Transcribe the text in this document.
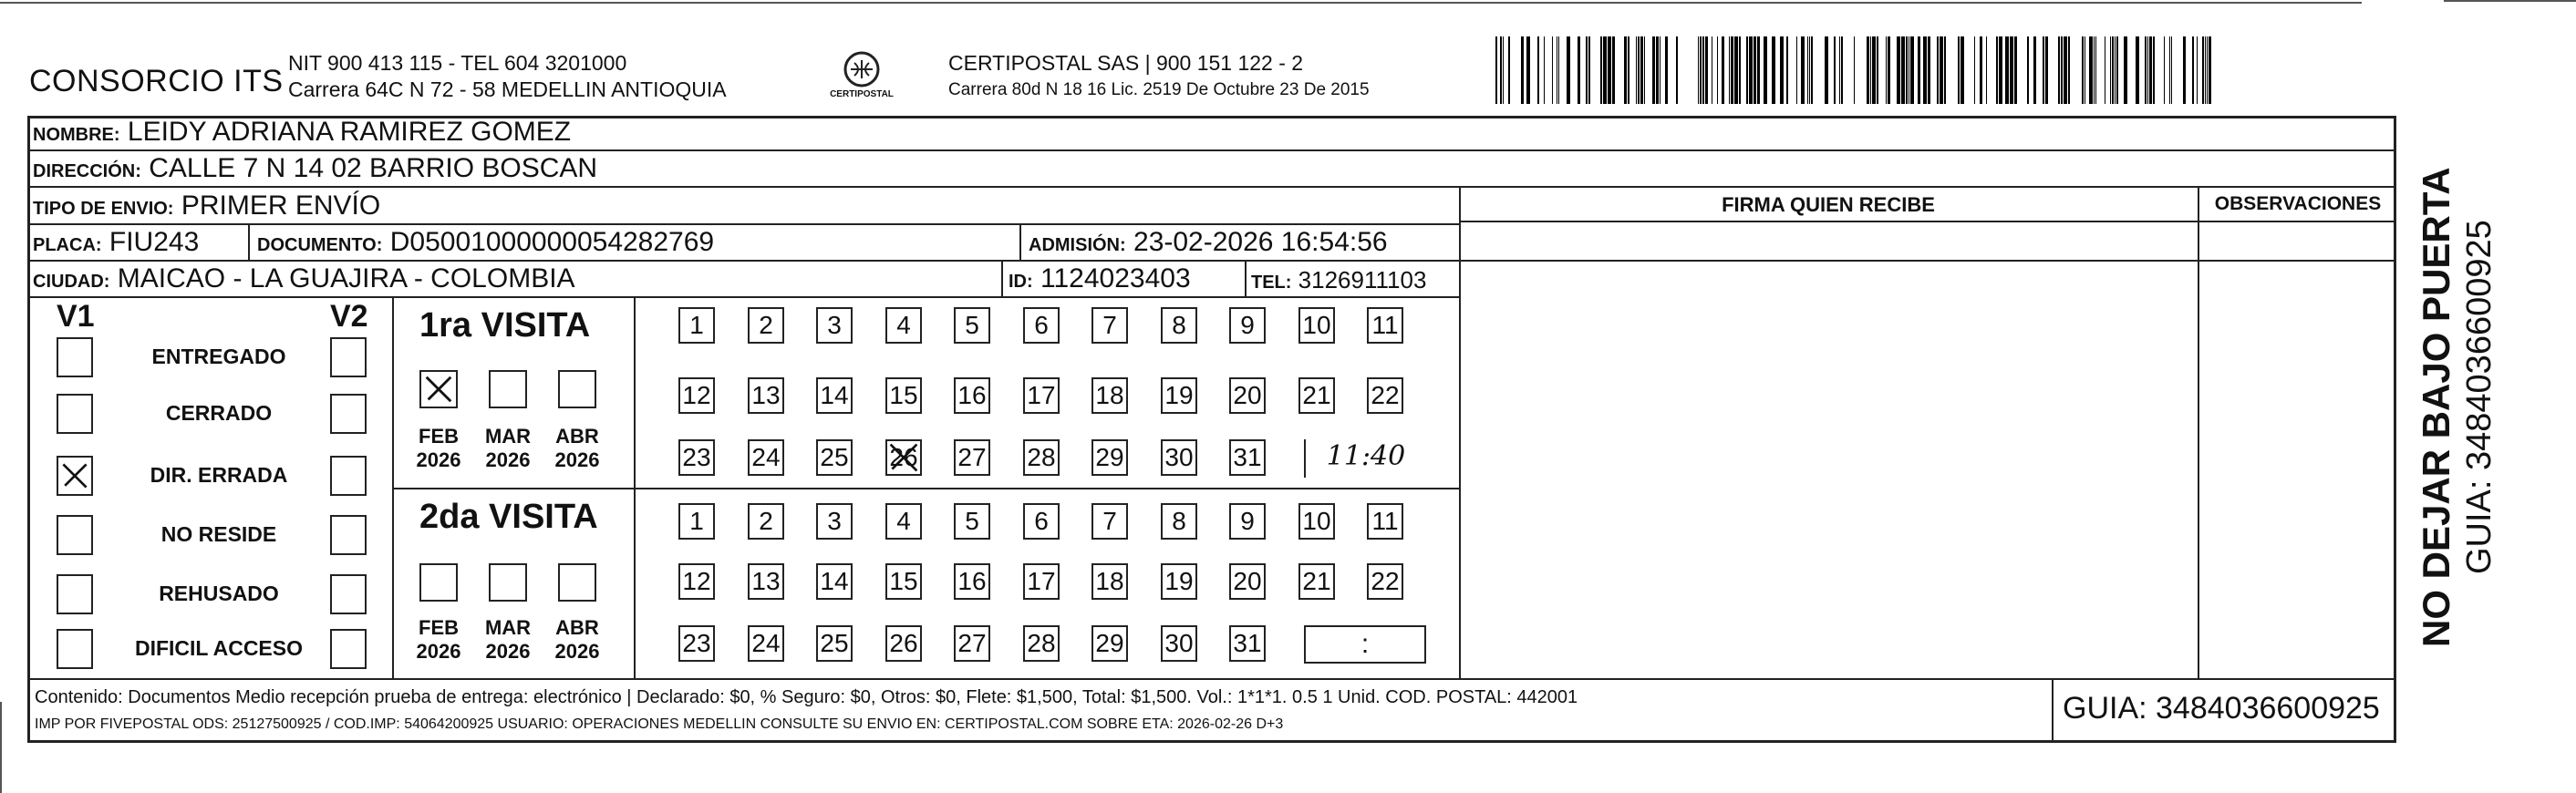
CONSORCIO ITS
NIT 900 413 115 - TEL 604 3201000
Carrera 64C N 72 - 58 MEDELLIN ANTIOQUIA	CERTIPOSTAL
CERTIPOSTAL SAS | 900 151 122 - 2
Carrera 80d N 18 16 Lic. 2519 De Octubre 23 De 2015
NOMBRE: LEIDY ADRIANA RAMIREZ GOMEZ
DIRECCIÓN: CALLE 7 N 14 02 BARRIO BOSCAN
TIPO DE ENVIO: PRIMER ENVÍO	FIRMA QUIEN RECIBE	OBSERVACIONES
PLACA: FIU243	DOCUMENTO: D05001000000054282769	ADMISIÓN: 23-02-2026 16:54:56
CIUDAD: MAICAO - LA GUAJIRA - COLOMBIA	ID: 1124023403	TEL: 3126911103
V1	V2
ENTREGADO
CERRADO
DIR. ERRADA
NO RESIDE
REHUSADO
DIFICIL ACCESO
1ra VISITA
FEB
2026
MAR
2026
ABR
2026
1	2	3	4	5	6	7	8	9	10 11
12 13 14 15 16 17 18 19 20 21 22
23 24 25 26 27 28 29 30 31	11:40
2da VISITA
FEB
2026
MAR
2026
ABR
2026
1	2	3	4	5	6	7	8	9	10 11
12 13 14 15 16 17 18 19 20 21 22
23 24 25 26 27 28 29 30 31	:
Contenido: Documentos Medio recepción prueba de entrega: electrónico | Declarado: $0, % Seguro: $0, Otros: $0, Flete: $1,500, Total: $1,500. Vol.: 1*1*1. 0.5 1 Unid. COD. POSTAL: 442001
IMP POR FIVEPOSTAL ODS: 25127500925 / COD.IMP: 54064200925 USUARIO: OPERACIONES MEDELLIN CONSULTE SU ENVIO EN: CERTIPOSTAL.COM SOBRE ETA: 2026-02-26 D+3	GUIA: 3484036600925
NO DEJAR BAJO PUERTA GUIA: 3484036600925
